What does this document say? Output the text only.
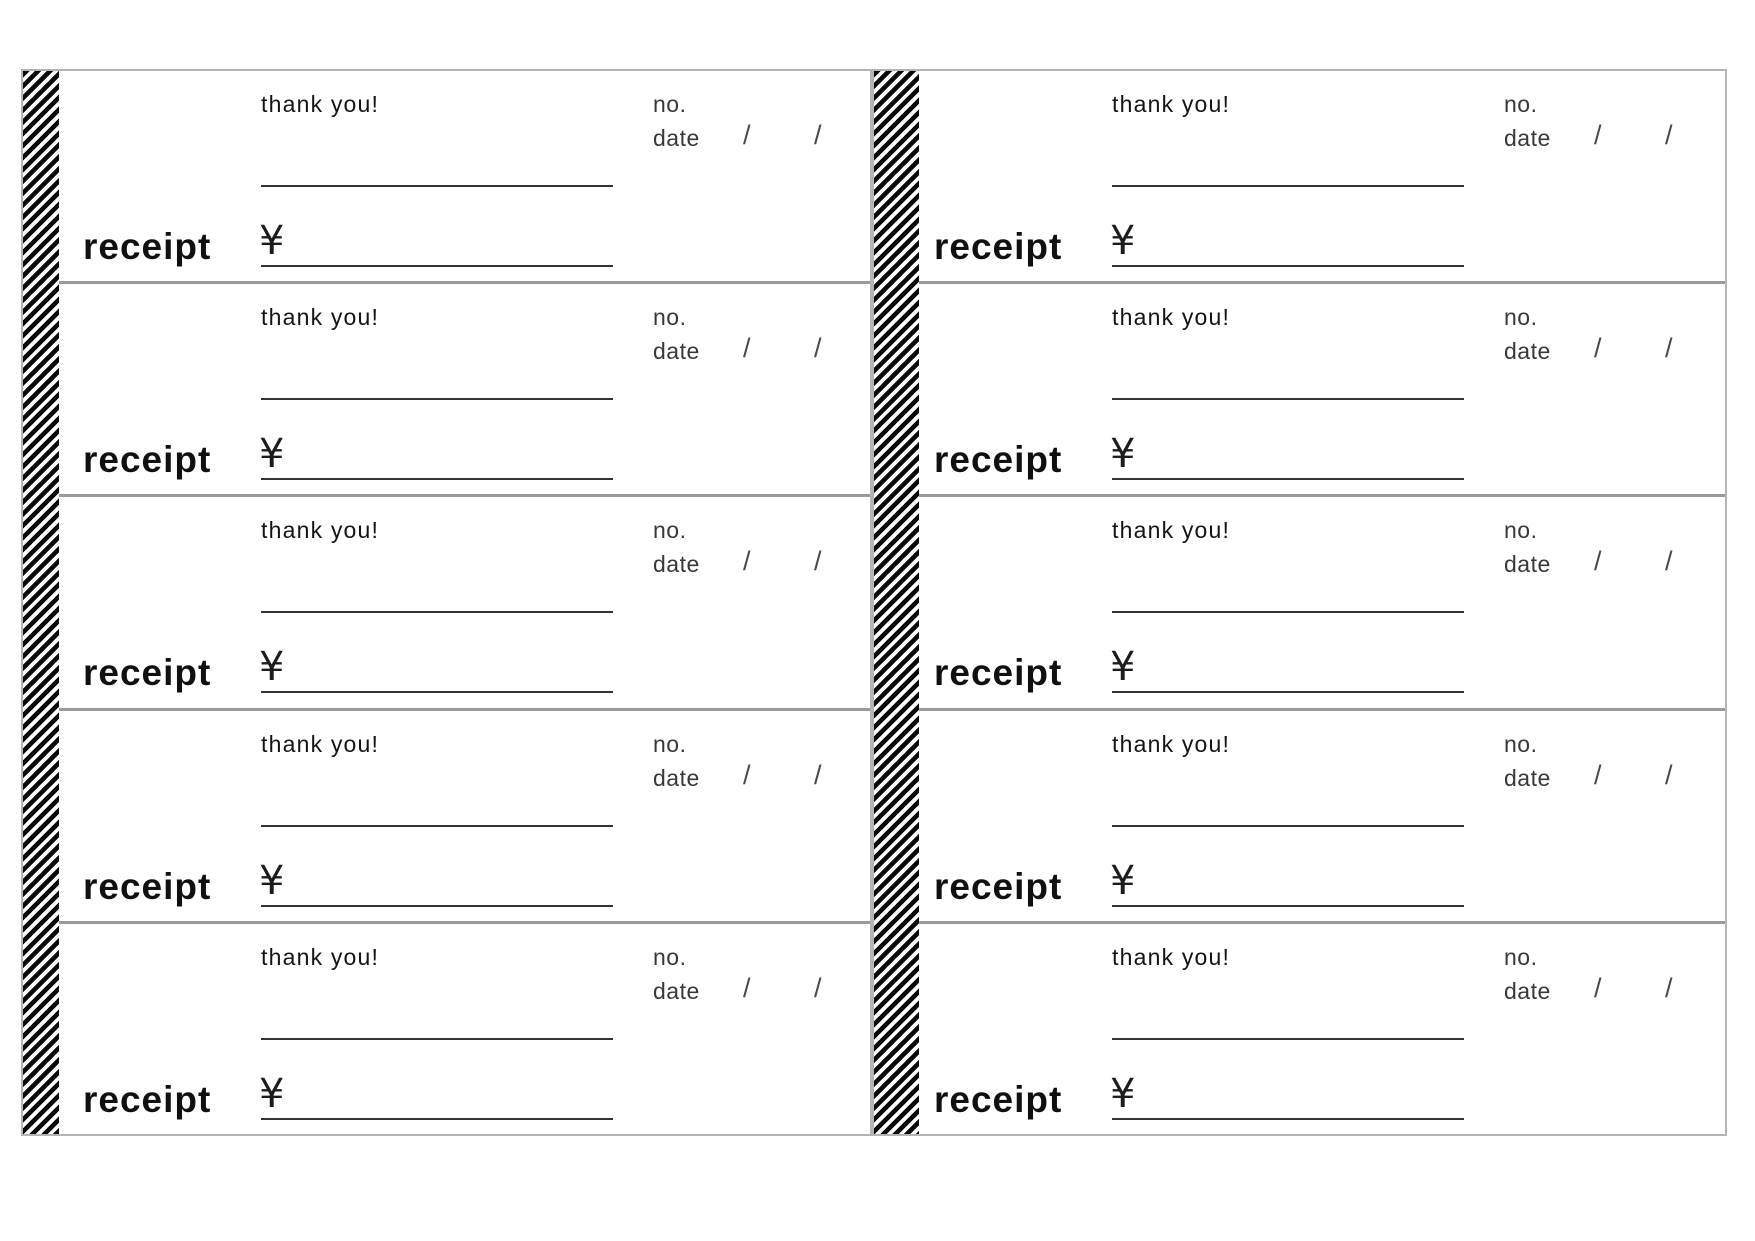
receipt
thank you!
¥
no.
date / /
receipt
thank you!
¥
no.
date / /
receipt
thank you!
¥
no.
date / /
receipt
thank you!
¥
no.
date / /
receipt
thank you!
¥
no.
date / /
receipt
thank you!
¥
no.
date / /
receipt
thank you!
¥
no.
date / /
receipt
thank you!
¥
no.
date / /
receipt
thank you!
¥
no.
date / /
receipt
thank you!
¥
no.
date / /
